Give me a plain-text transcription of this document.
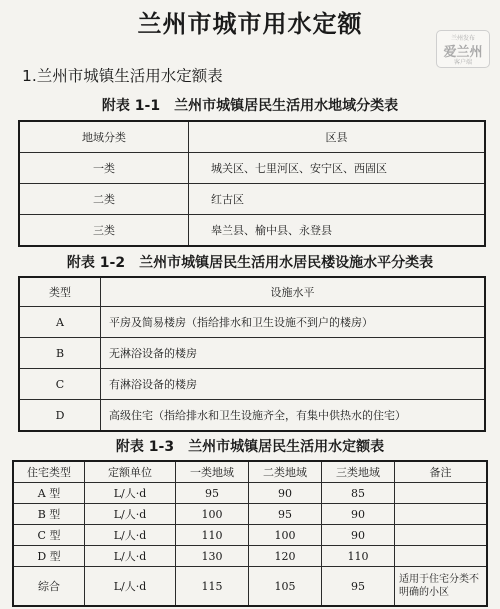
兰州市城市用水定额
兰州发布
爱兰州
客户端
1.兰州市城镇生活用水定额表
附表 1-1　兰州市城镇居民生活用水地域分类表
地域分类	区县
一类	城关区、七里河区、安宁区、西固区
二类	红古区
三类	皋兰县、榆中县、永登县
附表 1-2　兰州市城镇居民生活用水居民楼设施水平分类表
类型	设施水平
A	平房及简易楼房（指给排水和卫生设施不到户的楼房）
B	无淋浴设备的楼房
C	有淋浴设备的楼房
D	高级住宅（指给排水和卫生设施齐全，有集中供热水的住宅）
附表 1-3　兰州市城镇居民生活用水定额表
住宅类型	定额单位	一类地域	二类地域	三类地域	备注
A 型	L/人·d	95	90	85	
B 型	L/人·d	100	95	90	
C 型	L/人·d	110	100	90	
D 型	L/人·d	130	120	110	
综合	L/人·d	115	105	95	适用于住宅分类不明确的小区
